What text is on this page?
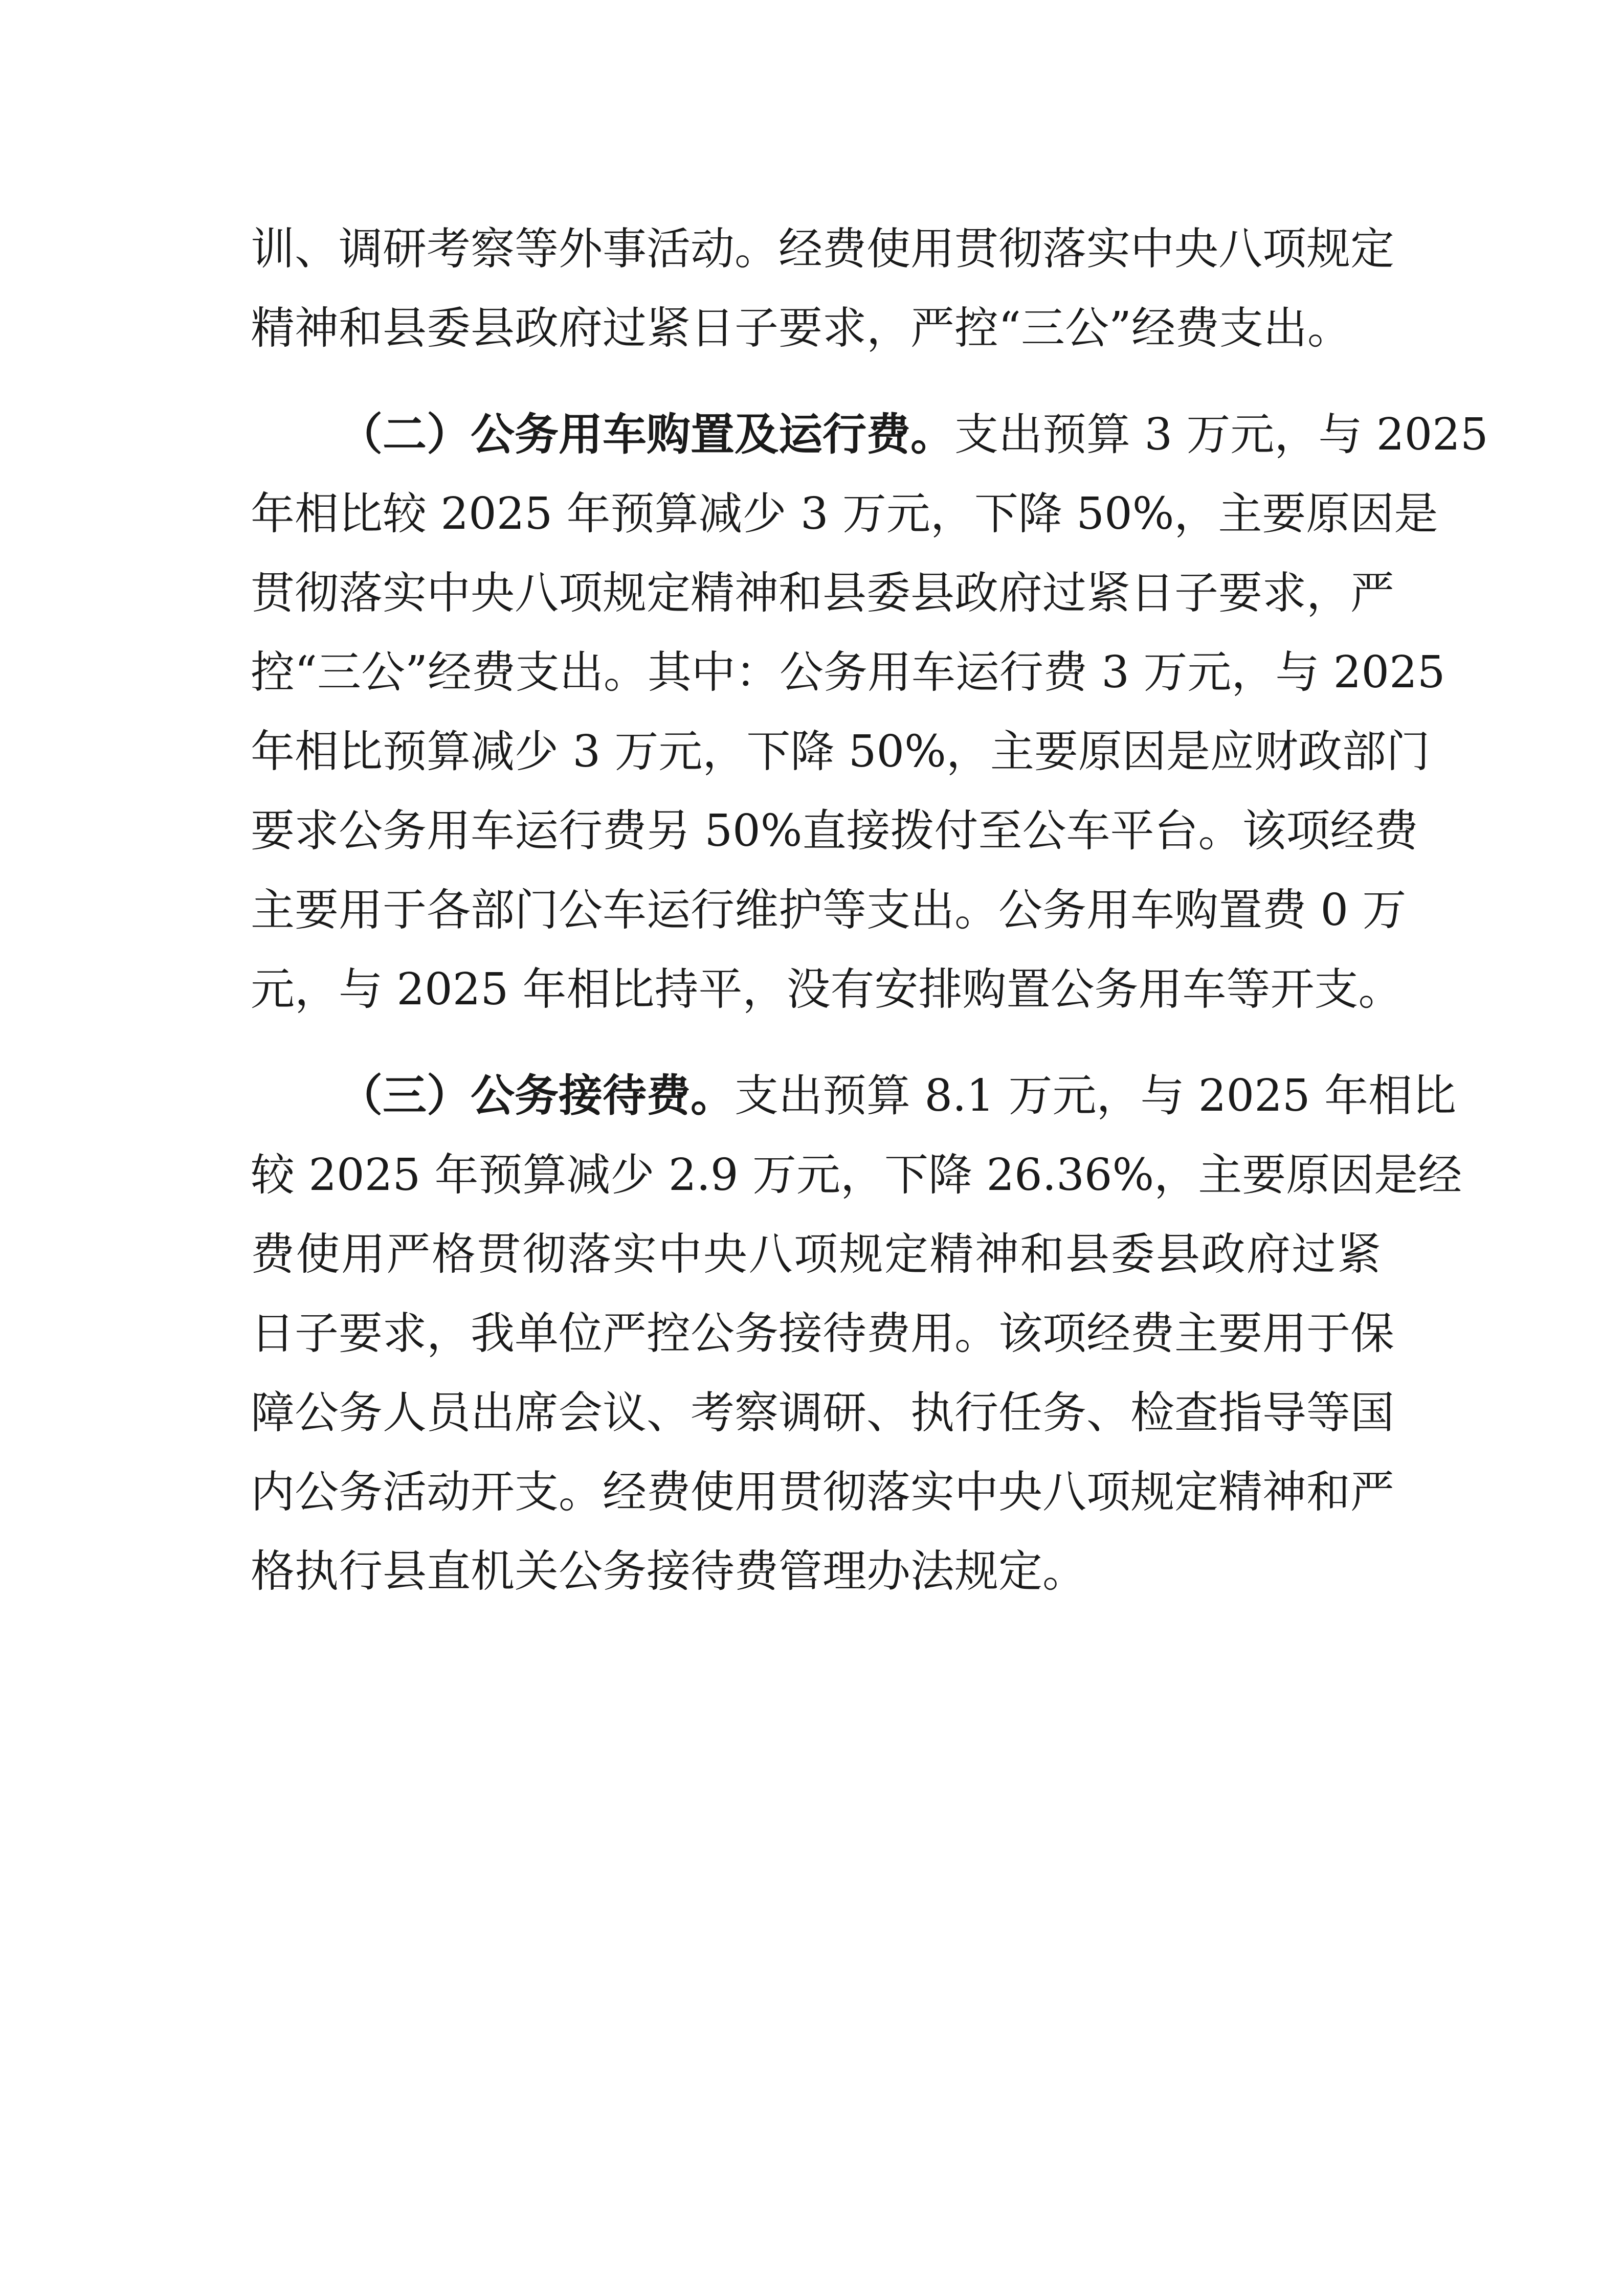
训、调研考察等外事活动。经费使用贯彻落实中央八项规定
精神和县委县政府过紧日子要求，严控“三公”经费支出。
（二）公务用车购置及运行费。支出预算 3 万元，与 2025
年相比较 2025 年预算减少 3 万元，下降 50%，主要原因是
贯彻落实中央八项规定精神和县委县政府过紧日子要求，严
控“三公”经费支出。其中：公务用车运行费 3 万元，与 2025
年相比预算减少 3 万元，下降 50%，主要原因是应财政部门
要求公务用车运行费另 50%直接拨付至公车平台。该项经费
主要用于各部门公车运行维护等支出。公务用车购置费 0 万
元，与 2025 年相比持平，没有安排购置公务用车等开支。
（三）公务接待费。支出预算 8.1 万元，与 2025 年相比
较 2025 年预算减少 2.9 万元，下降 26.36%，主要原因是经
费使用严格贯彻落实中央八项规定精神和县委县政府过紧
日子要求，我单位严控公务接待费用。该项经费主要用于保
障公务人员出席会议、考察调研、执行任务、检查指导等国
内公务活动开支。经费使用贯彻落实中央八项规定精神和严
格执行县直机关公务接待费管理办法规定。
